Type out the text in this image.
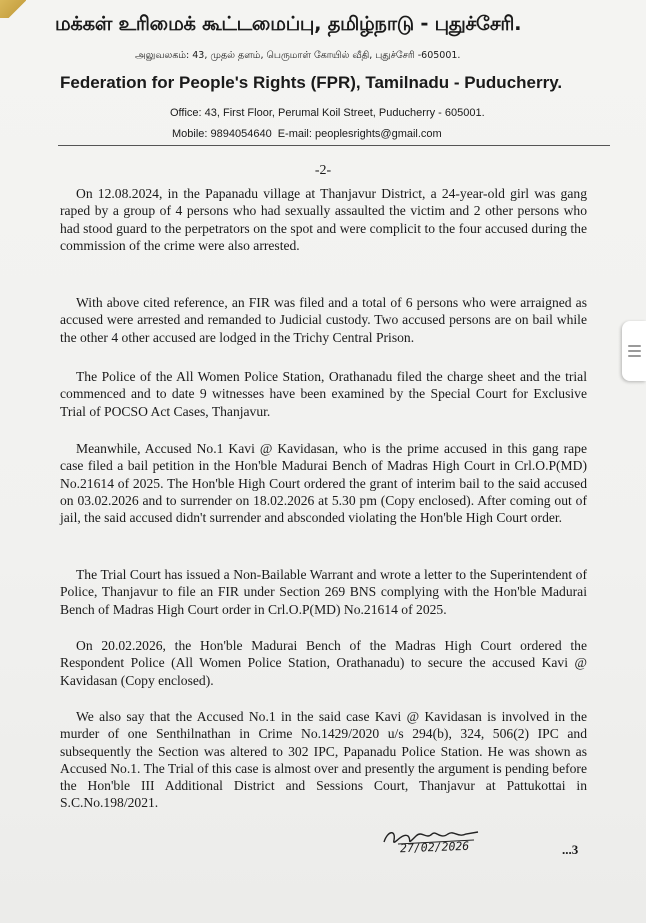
மக்கள் உரிமைக் கூட்டமைப்பு, தமிழ்நாடு - புதுச்சேரி.
அலுவலகம்: 43, முதல் தளம், பெருமாள் கோயில் வீதி, புதுச்சேரி -605001.
Federation for People's Rights (FPR), Tamilnadu - Puducherry.
Office: 43, First Floor, Perumal Koil Street, Puducherry - 605001.
Mobile: 9894054640 E-mail: peoplesrights@gmail.com
-2-

On 12.08.2024, in the Papanadu village at Thanjavur District, a 24-year-old girl was gang raped by a group of 4 persons who had sexually assaulted the victim and 2 other persons who had stood guard to the perpetrators on the spot and were complicit to the four accused during the commission of the crime were also arrested.

With above cited reference, an FIR was filed and a total of 6 persons who were arraigned as accused were arrested and remanded to Judicial custody. Two accused persons are on bail while the other 4 other accused are lodged in the Trichy Central Prison.

The Police of the All Women Police Station, Orathanadu filed the charge sheet and the trial commenced and to date 9 witnesses have been examined by the Special Court for Exclusive Trial of POCSO Act Cases, Thanjavur.

Meanwhile, Accused No.1 Kavi @ Kavidasan, who is the prime accused in this gang rape case filed a bail petition in the Hon'ble Madurai Bench of Madras High Court in Crl.O.P(MD) No.21614 of 2025. The Hon'ble High Court ordered the grant of interim bail to the said accused on 03.02.2026 and to surrender on 18.02.2026 at 5.30 pm (Copy enclosed). After coming out of jail, the said accused didn't surrender and absconded violating the Hon'ble High Court order.

The Trial Court has issued a Non-Bailable Warrant and wrote a letter to the Superintendent of Police, Thanjavur to file an FIR under Section 269 BNS complying with the Hon'ble Madurai Bench of Madras High Court order in Crl.O.P(MD) No.21614 of 2025.

On 20.02.2026, the Hon'ble Madurai Bench of the Madras High Court ordered the Respondent Police (All Women Police Station, Orathanadu) to secure the accused Kavi @ Kavidasan (Copy enclosed).

We also say that the Accused No.1 in the said case Kavi @ Kavidasan is involved in the murder of one Senthilnathan in Crime No.1429/2020 u/s 294(b), 324, 506(2) IPC and subsequently the Section was altered to 302 IPC, Papanadu Police Station. He was shown as Accused No.1. The Trial of this case is almost over and presently the argument is pending before the Hon'ble III Additional District and Sessions Court, Thanjavur at Pattukottai in S.C.No.198/2021.

27/02/2026	...3
